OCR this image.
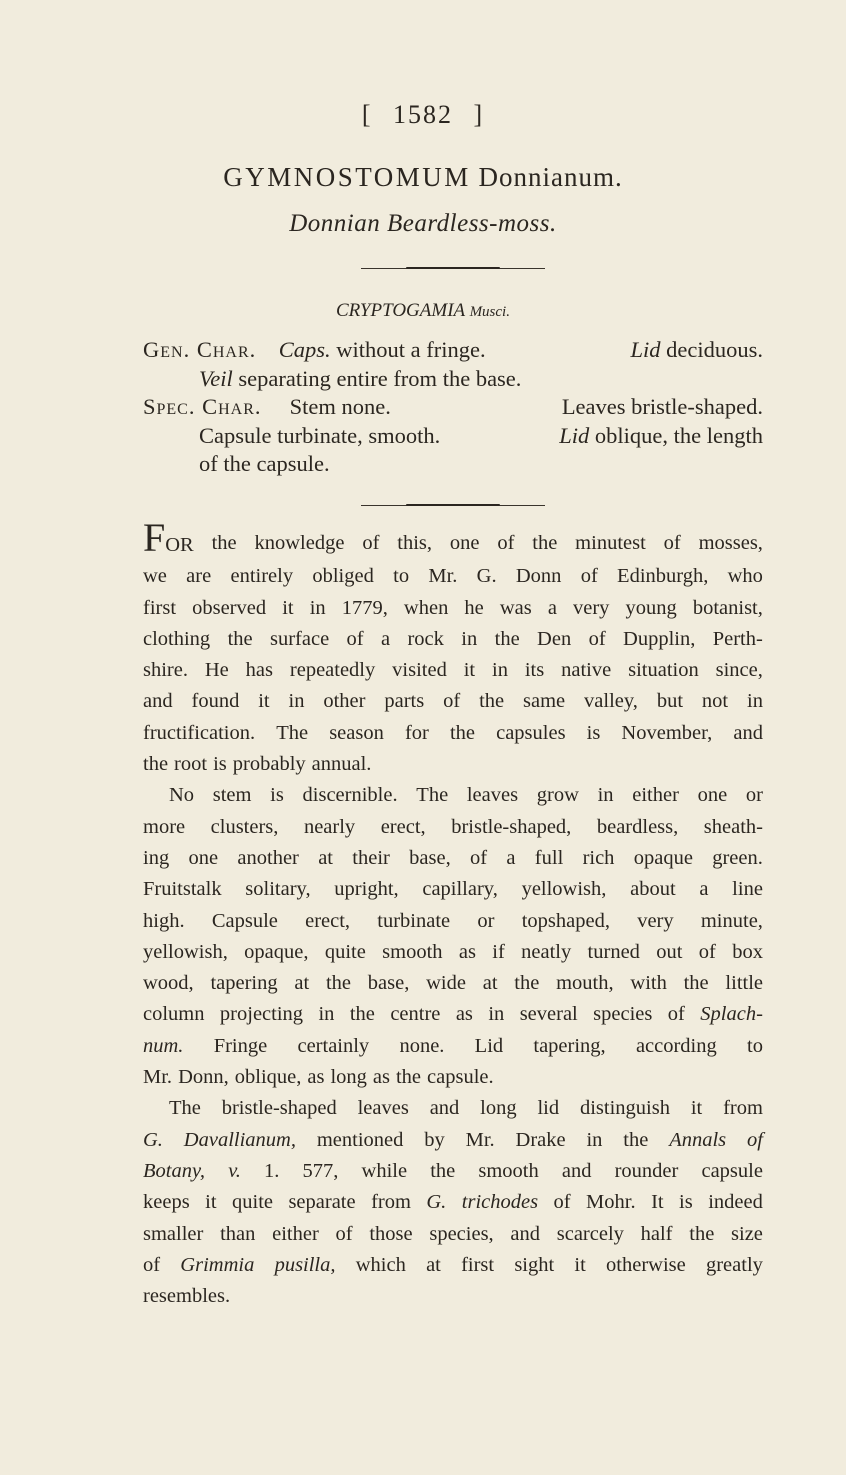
[ 1582 ]
GYMNOSTOMUM Donnianum.
Donnian Beardless-moss.
CRYPTOGAMIA Musci.
Gen. Char. Caps. without a fringe.	Lid deciduous.
Veil separating entire from the base.
Spec. Char. Stem none.	Leaves bristle-shaped.
Capsule turbinate, smooth.	Lid oblique, the length
of the capsule.
FOR the knowledge of this, one of the minutest of mosses,
we are entirely obliged to Mr. G. Donn of Edinburgh, who
first observed it in 1779, when he was a very young botanist,
clothing the surface of a rock in the Den of Dupplin, Perth-
shire. He has repeatedly visited it in its native situation since,
and found it in other parts of the same valley, but not in
fructification. The season for the capsules is November, and
the root is probably annual.
No stem is discernible. The leaves grow in either one or
more clusters, nearly erect, bristle-shaped, beardless, sheath-
ing one another at their base, of a full rich opaque green.
Fruitstalk solitary, upright, capillary, yellowish, about a line
high. Capsule erect, turbinate or topshaped, very minute,
yellowish, opaque, quite smooth as if neatly turned out of box
wood, tapering at the base, wide at the mouth, with the little
column projecting in the centre as in several species of Splach-
num. Fringe certainly none. Lid tapering, according to
Mr. Donn, oblique, as long as the capsule.
The bristle-shaped leaves and long lid distinguish it from
G. Davallianum, mentioned by Mr. Drake in the Annals of
Botany, v. 1. 577, while the smooth and rounder capsule
keeps it quite separate from G. trichodes of Mohr. It is indeed
smaller than either of those species, and scarcely half the size
of Grimmia pusilla, which at first sight it otherwise greatly
resembles.
